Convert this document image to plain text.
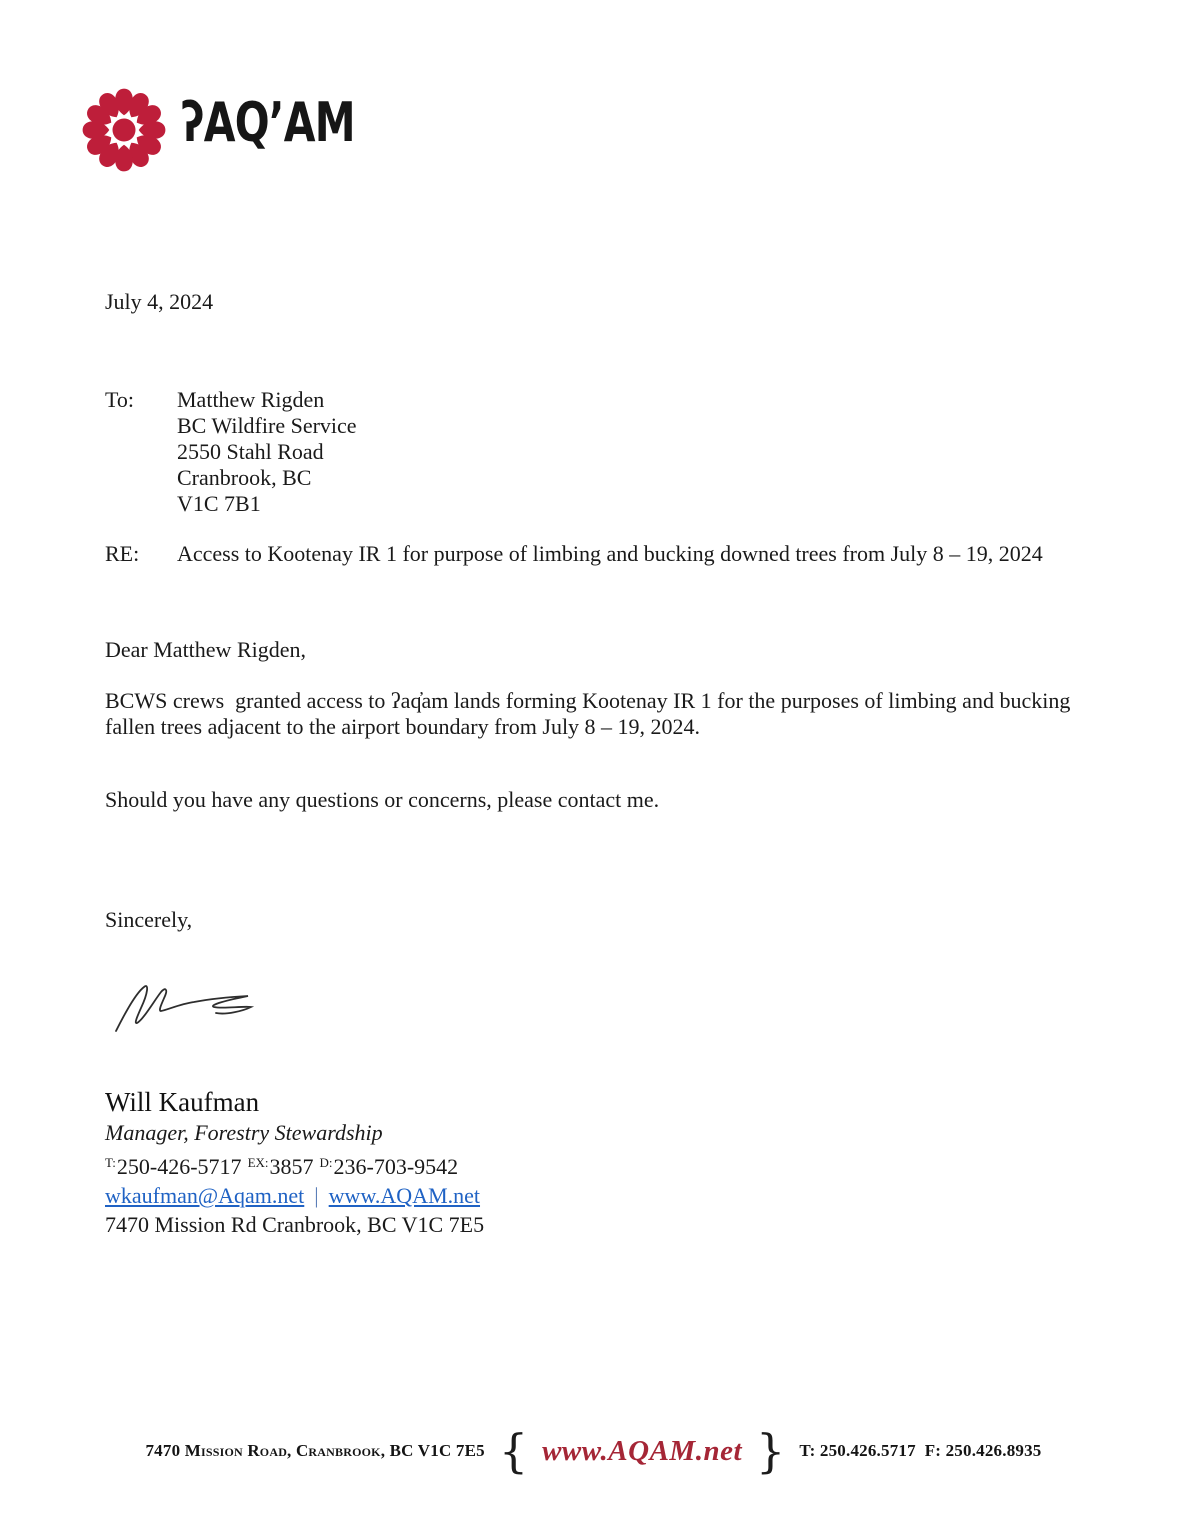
ʔAQ’AM
July 4, 2024
To:	Matthew Rigden
BC Wildfire Service
2550 Stahl Road
Cranbrook, BC
V1C 7B1
RE:	Access to Kootenay IR 1 for purpose of limbing and bucking downed trees from July 8 – 19, 2024
Dear Matthew Rigden,
BCWS crews  granted access to ʔaq̓am lands forming Kootenay IR 1 for the purposes of limbing and bucking fallen trees adjacent to the airport boundary from July 8 – 19, 2024.
Should you have any questions or concerns, please contact me.
Sincerely,
Will Kaufman
Manager, Forestry Stewardship
$^{T:}$250-426-5717 $^{EX:}$3857 $^{D:}$236-703-9542
wkaufman@Aqam.net | www.AQAM.net
7470 Mission Rd Cranbrook, BC V1C 7E5
7470 Mission Road, Cranbrook, BC V1C 7E5 { www.AQAM.net } T: 250.426.5717  F: 250.426.8935
